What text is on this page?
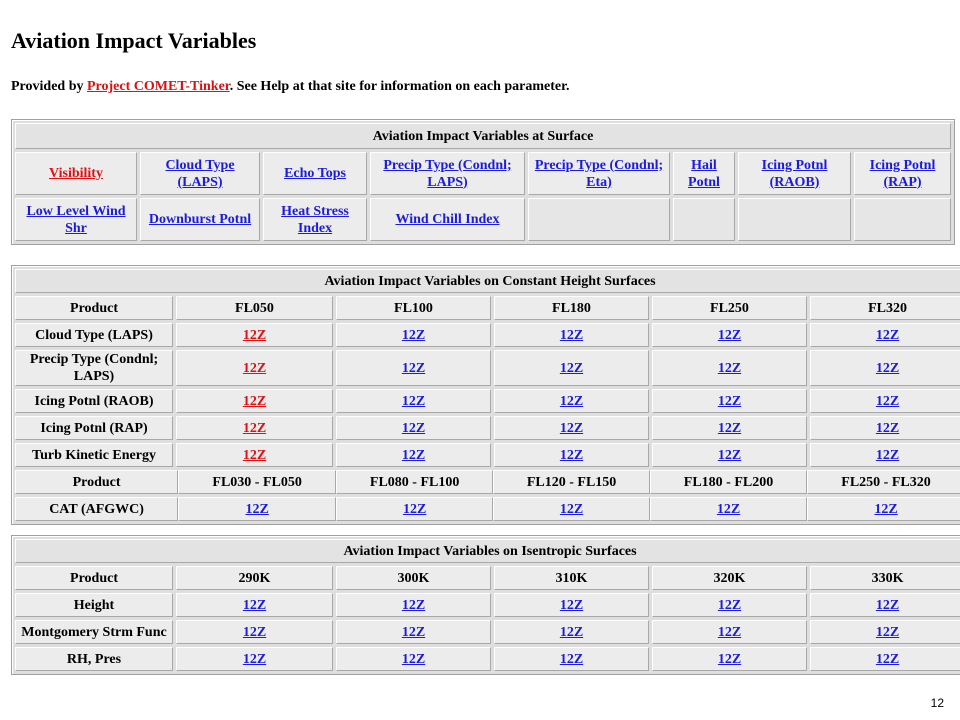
Aviation Impact Variables
Provided by Project COMET-Tinker. See Help at that site for information on each parameter.
Aviation Impact Variables at Surface							
Visibility	Cloud Type (LAPS)	Echo Tops	Precip Type (Condnl; LAPS)	Precip Type (Condnl; Eta)	Hail Potnl	Icing Potnl (RAOB)	Icing Potnl (RAP)
Low Level Wind Shr	Downburst Potnl	Heat Stress Index	Wind Chill Index				
Aviation Impact Variables on Constant Height Surfaces
Product	FL050	FL100	FL180	FL250	FL320
Cloud Type (LAPS)	12Z	12Z	12Z	12Z	12Z
Precip Type (Condnl; LAPS)	12Z	12Z	12Z	12Z	12Z
Icing Potnl (RAOB)	12Z	12Z	12Z	12Z	12Z
Icing Potnl (RAP)	12Z	12Z	12Z	12Z	12Z
Turb Kinetic Energy	12Z	12Z	12Z	12Z	12Z

Product	FL030 - FL050	FL080 - FL100	FL120 - FL150	FL180 - FL200	FL250 - FL320
CAT (AFGWC)	12Z	12Z	12Z	12Z	12Z
Aviation Impact Variables on Isentropic Surfaces					
Product	290K	300K	310K	320K	330K
Height	12Z	12Z	12Z	12Z	12Z
Montgomery Strm Func	12Z	12Z	12Z	12Z	12Z
RH, Pres	12Z	12Z	12Z	12Z	12Z
12
